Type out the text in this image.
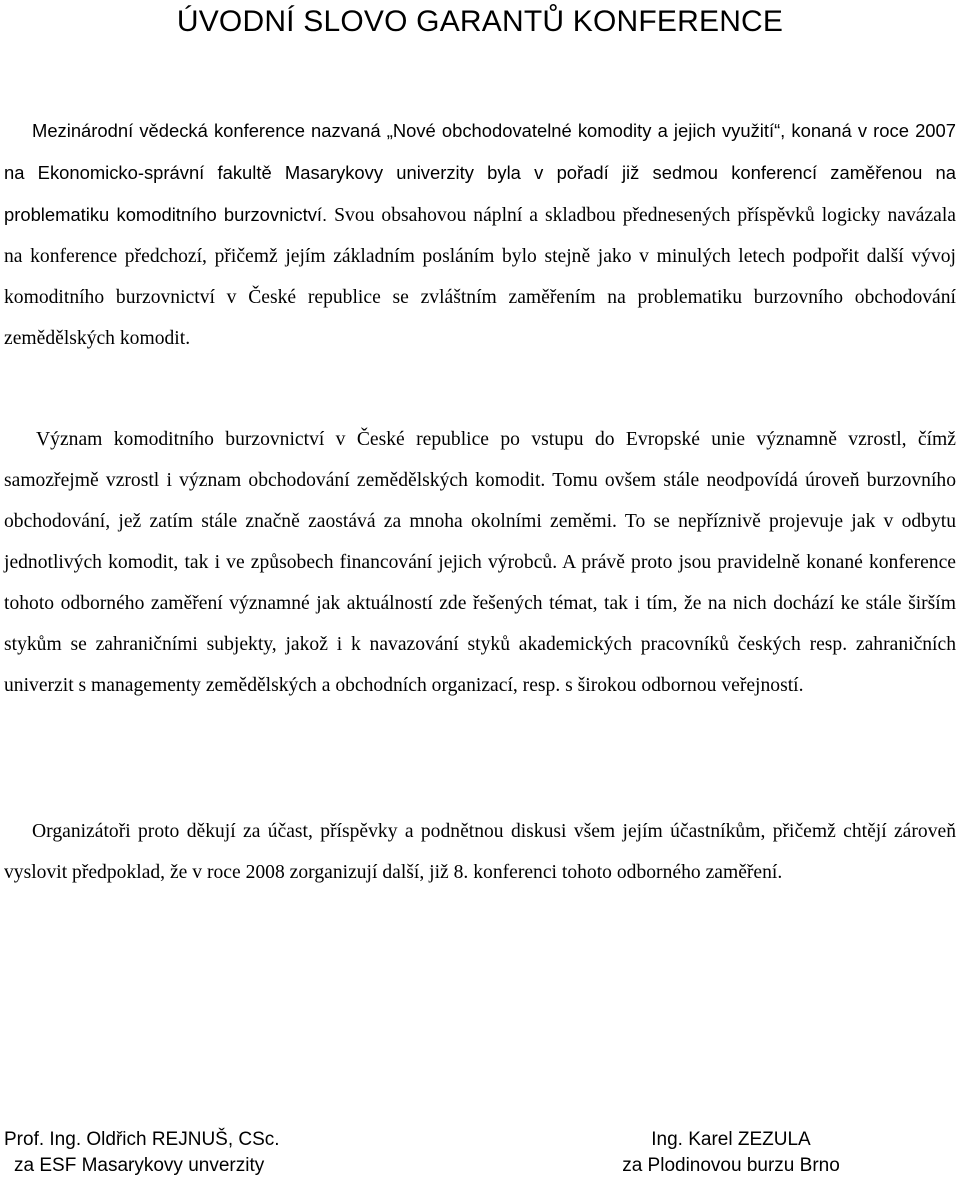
ÚVODNÍ SLOVO GARANTŮ KONFERENCE

Mezinárodní vědecká konference nazvaná „Nové obchodovatelné komodity a jejich využití“, konaná v roce 2007 na Ekonomicko-správní fakultě Masarykovy univerzity byla v pořadí již sedmou konferencí zaměřenou na problematiku komoditního burzovnictví. Svou obsahovou náplní a skladbou přednesených příspěvků logicky navázala na konference předchozí, přičemž jejím základním posláním bylo stejně jako v minulých letech podpořit další vývoj komoditního burzovnictví v České republice se zvláštním zaměřením na problematiku burzovního obchodování zemědělských komodit.

Význam komoditního burzovnictví v České republice po vstupu do Evropské unie významně vzrostl, čímž samozřejmě vzrostl i význam obchodování zemědělských komodit. Tomu ovšem stále neodpovídá úroveň burzovního obchodování, jež zatím stále značně zaostává za mnoha okolními zeměmi. To se nepříznivě projevuje jak v odbytu jednotlivých komodit, tak i ve způsobech financování jejich výrobců. A právě proto jsou pravidelně konané konference tohoto odborného zaměření významné jak aktuálností zde řešených témat, tak i tím, že na nich dochází ke stále širším stykům se zahraničními subjekty, jakož i k navazování styků akademických pracovníků českých resp. zahraničních univerzit s managementy zemědělských a obchodních organizací, resp. s širokou odbornou veřejností.

Organizátoři proto děkují za účast, příspěvky a podnětnou diskusi všem jejím účastníkům, přičemž chtějí zároveň vyslovit předpoklad, že v roce 2008 zorganizují další, již 8. konferenci tohoto odborného zaměření.

Prof. Ing. Oldřich REJNUŠ, CSc.
za ESF Masarykovy unverzity
Ing. Karel ZEZULA
za Plodinovou burzu Brno
